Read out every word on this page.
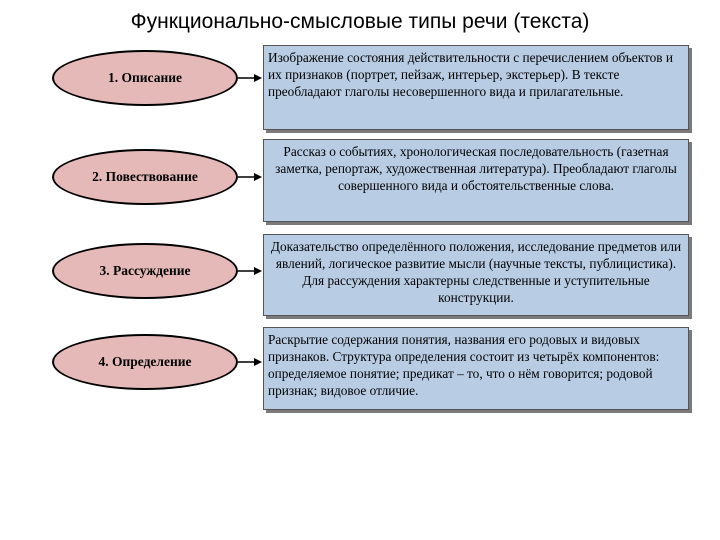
Функционально-смысловые типы речи (текста)
1. Описание
Изображение состояния действительности с перечислением объектов и их признаков (портрет, пейзаж, интерьер, экстерьер). В тексте преобладают глаголы несовершенного вида и прилагательные.
2. Повествование
Рассказ о событиях, хронологическая последовательность (газетная заметка, репортаж, художественная литература). Преобладают глаголы совершенного вида и обстоятельственные слова.
3. Рассуждение
Доказательство определённого положения, исследование предметов или явлений, логическое развитие мысли (научные тексты, публицистика). Для рассуждения характерны следственные и уступительные конструкции.
4. Определение
Раскрытие содержания понятия, названия его родовых и видовых признаков. Структура определения состоит из четырёх компонентов: определяемое понятие; предикат – то, что о нём говорится; родовой признак; видовое отличие.
